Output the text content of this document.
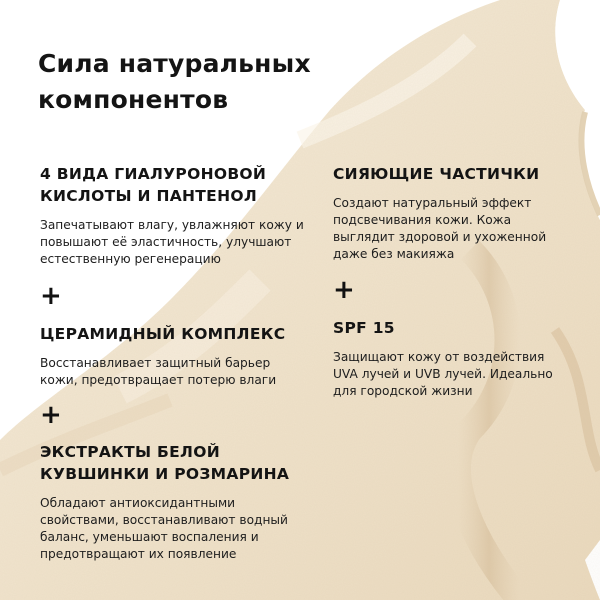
Сила натуральных компонентов
4 ВИДА ГИАЛУРОНОВОЙ КИСЛОТЫ И ПАНТЕНОЛ

Запечатывают влагу, увлажняют кожу и повышают её эластичность, улучшают естественную регенерацию

+
ЦЕРАМИДНЫЙ КОМПЛЕКС

Восстанавливает защитный барьер кожи, предотвращает потерю влаги

+
ЭКСТРАКТЫ БЕЛОЙ КУВШИНКИ И РОЗМАРИНА

Обладают антиоксидантными свойствами, восстанавливают водный баланс, уменьшают воспаления и предотвращают их появление

СИЯЮЩИЕ ЧАСТИЧКИ

Создают натуральный эффект подсвечивания кожи. Кожа выглядит здоровой и ухоженной даже без макияжа

+
SPF 15

Защищают кожу от воздействия UVA лучей и UVB лучей. Идеально для городской жизни
